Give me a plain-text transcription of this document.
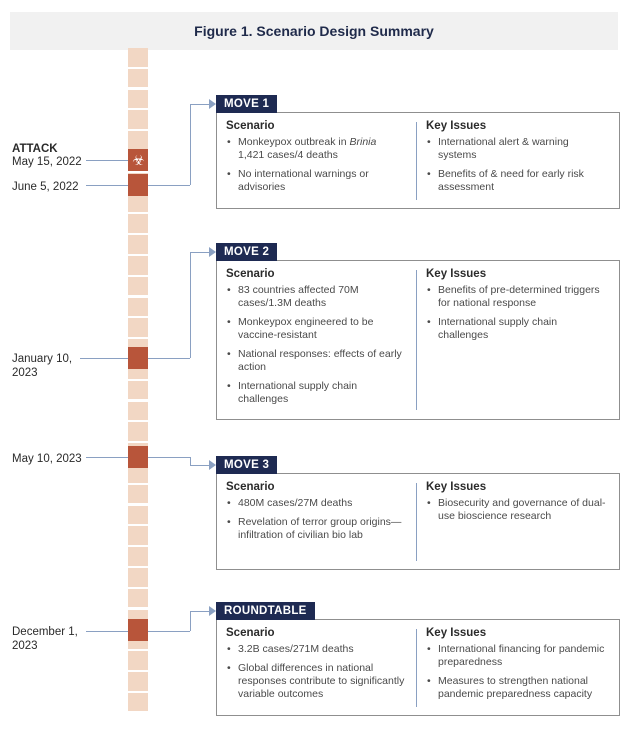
Figure 1. Scenario Design Summary
☣
ATTACK
May 15, 2022
June 5, 2022
January 10, 2023
May 10, 2023
December 1, 2023
MOVE 1
Scenario
• Monkeypox outbreak in Brinia
1,421 cases/4 deaths
• No international warnings or advisories
Key Issues
• International alert & warning systems
• Benefits of & need for early risk assessment
MOVE 2
Scenario
• 83 countries affected 70M cases/1.3M deaths
• Monkeypox engineered to be vaccine-resistant
• National responses: effects of early action
• International supply chain challenges
Key Issues
• Benefits of pre-determined triggers for national response
• International supply chain challenges
MOVE 3
Scenario
• 480M cases/27M deaths
• Revelation of terror group origins—infiltration of civilian bio lab
Key Issues
• Biosecurity and governance of dual-use bioscience research
ROUNDTABLE
Scenario
• 3.2B cases/271M deaths
• Global differences in national responses contribute to significantly variable outcomes
Key Issues
• International financing for pandemic preparedness
• Measures to strengthen national pandemic preparedness capacity
